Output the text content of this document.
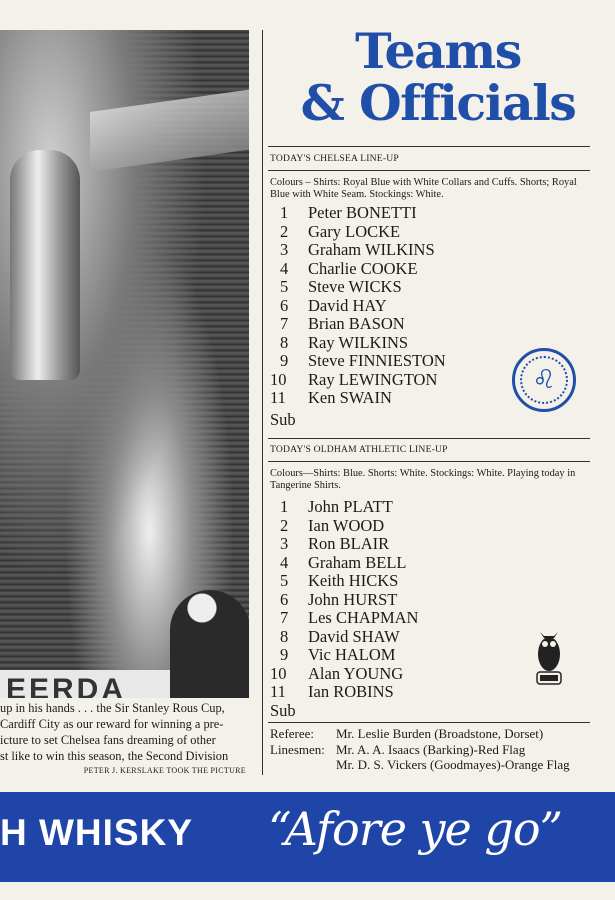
EERDA
up in his hands . . . the Sir Stanley Rous Cup,
Cardiff City as our reward for winning a pre-
icture to set Chelsea fans dreaming of other
st like to win this season, the Second Division
PETER J. KERSLAKE TOOK THE PICTURE
Teams
& Officials
TODAY'S CHELSEA LINE-UP
Colours – Shirts: Royal Blue with White Collars and Cuffs. Shorts; Royal Blue with White Seam. Stockings: White.
1 Peter BONETTI
2 Gary LOCKE
3 Graham WILKINS
4 Charlie COOKE
5 Steve WICKS
6 David HAY
7 Brian BASON
8 Ray WILKINS
9 Steve FINNIESTON
10 Ray LEWINGTON
11 Ken SWAIN
Sub
♌
TODAY'S OLDHAM ATHLETIC LINE-UP
Colours—Shirts: Blue. Shorts: White. Stockings: White. Playing today in Tangerine Shirts.
1 John PLATT
2 Ian WOOD
3 Ron BLAIR
4 Graham BELL
5 Keith HICKS
6 John HURST
7 Les CHAPMAN
8 David SHAW
9 Vic HALOM
10 Alan YOUNG
11 Ian ROBINS
Sub
Referee: Mr. Leslie Burden (Broadstone, Dorset)
Linesmen: Mr. A. A. Isaacs (Barking)-Red Flag
Mr. D. S. Vickers (Goodmayes)-Orange Flag
H WHISKY “Afore ye go”
